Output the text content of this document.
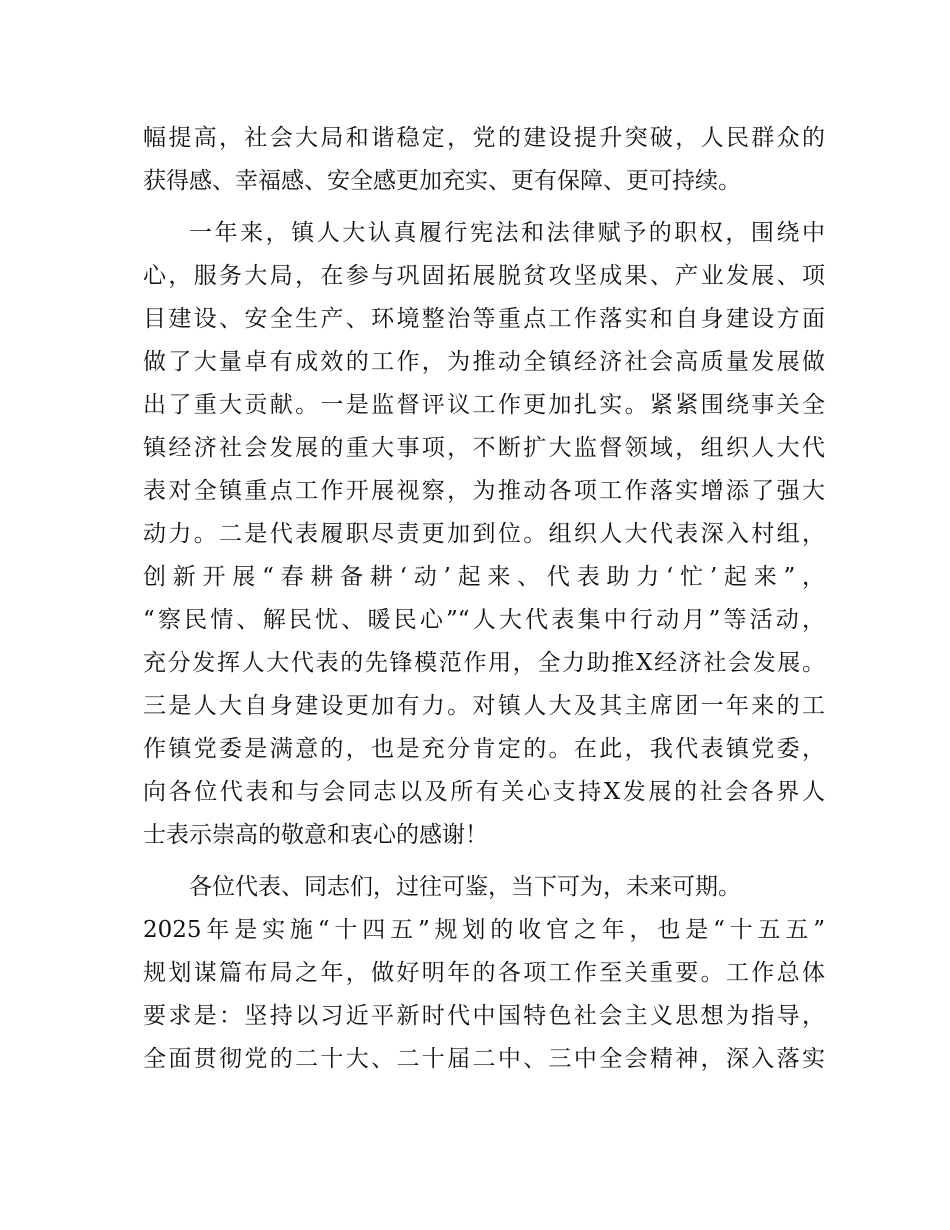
幅提高，社会大局和谐稳定，党的建设提升突破，人民群众的
获得感、幸福感、安全感更加充实、更有保障、更可持续。
一年来，镇人大认真履行宪法和法律赋予的职权，围绕中
心，服务大局，在参与巩固拓展脱贫攻坚成果、产业发展、项
目建设、安全生产、环境整治等重点工作落实和自身建设方面
做了大量卓有成效的工作，为推动全镇经济社会高质量发展做
出了重大贡献。一是监督评议工作更加扎实。紧紧围绕事关全
镇经济社会发展的重大事项，不断扩大监督领域，组织人大代
表对全镇重点工作开展视察，为推动各项工作落实增添了强大
动力。二是代表履职尽责更加到位。组织人大代表深入村组，
创新开展“春耕备耕‘动’起来、代表助力‘忙’起来”，
“察民情、解民忧、暖民心”“人大代表集中行动月”等活动，
充分发挥人大代表的先锋模范作用，全力助推X经济社会发展。
三是人大自身建设更加有力。对镇人大及其主席团一年来的工
作镇党委是满意的，也是充分肯定的。在此，我代表镇党委，
向各位代表和与会同志以及所有关心支持X发展的社会各界人
士表示崇高的敬意和衷心的感谢！
各位代表、同志们，过往可鉴，当下可为，未来可期。
2025年是实施“十四五”规划的收官之年，也是“十五五”
规划谋篇布局之年，做好明年的各项工作至关重要。工作总体
要求是：坚持以习近平新时代中国特色社会主义思想为指导，
全面贯彻党的二十大、二十届二中、三中全会精神，深入落实
